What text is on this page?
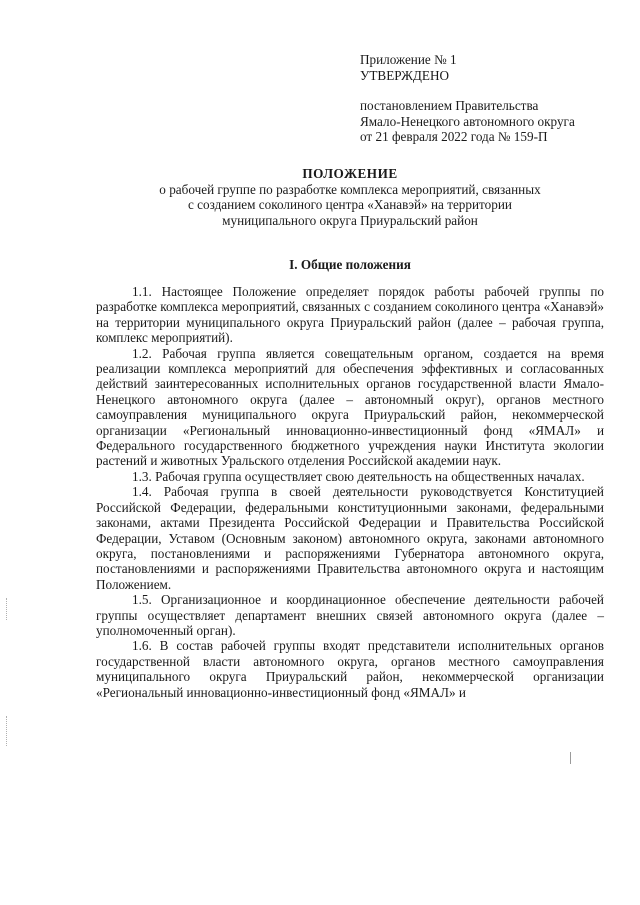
Приложение № 1
УТВЕРЖДЕНО
постановлением Правительства
Ямало-Ненецкого автономного округа
от 21 февраля 2022 года № 159-П
ПОЛОЖЕНИЕ
о рабочей группе по разработке комплекса мероприятий, связанных
с созданием соколиного центра «Ханавэй» на территории
муниципального округа Приуральский район
I. Общие положения

1.1. Настоящее Положение определяет порядок работы рабочей группы по разработке комплекса мероприятий, связанных с созданием соколиного центра «Ханавэй» на территории муниципального округа Приуральский район (далее – рабочая группа, комплекс мероприятий).

1.2. Рабочая группа является совещательным органом, создается на время реализации комплекса мероприятий для обеспечения эффективных и согласованных действий заинтересованных исполнительных органов государственной власти Ямало-Ненецкого автономного округа (далее – автономный округ), органов местного самоуправления муниципального округа Приуральский район, некоммерческой организации «Региональный инновационно-инвестиционный фонд «ЯМАЛ» и Федерального государственного бюджетного учреждения науки Института экологии растений и животных Уральского отделения Российской академии наук.

1.3. Рабочая группа осуществляет свою деятельность на общественных началах.

1.4. Рабочая группа в своей деятельности руководствуется Конституцией Российской Федерации, федеральными конституционными законами, федеральными законами, актами Президента Российской Федерации и Правительства Российской Федерации, Уставом (Основным законом) автономного округа, законами автономного округа, постановлениями и распоряжениями Губернатора автономного округа, постановлениями и распоряжениями Правительства автономного округа и настоящим Положением.

1.5. Организационное и координационное обеспечение деятельности рабочей группы осуществляет департамент внешних связей автономного округа (далее – уполномоченный орган).

1.6. В состав рабочей группы входят представители исполнительных органов государственной власти автономного округа, органов местного самоуправления муниципального округа Приуральский район, некоммерческой организации «Региональный инновационно-инвестиционный фонд «ЯМАЛ» и
